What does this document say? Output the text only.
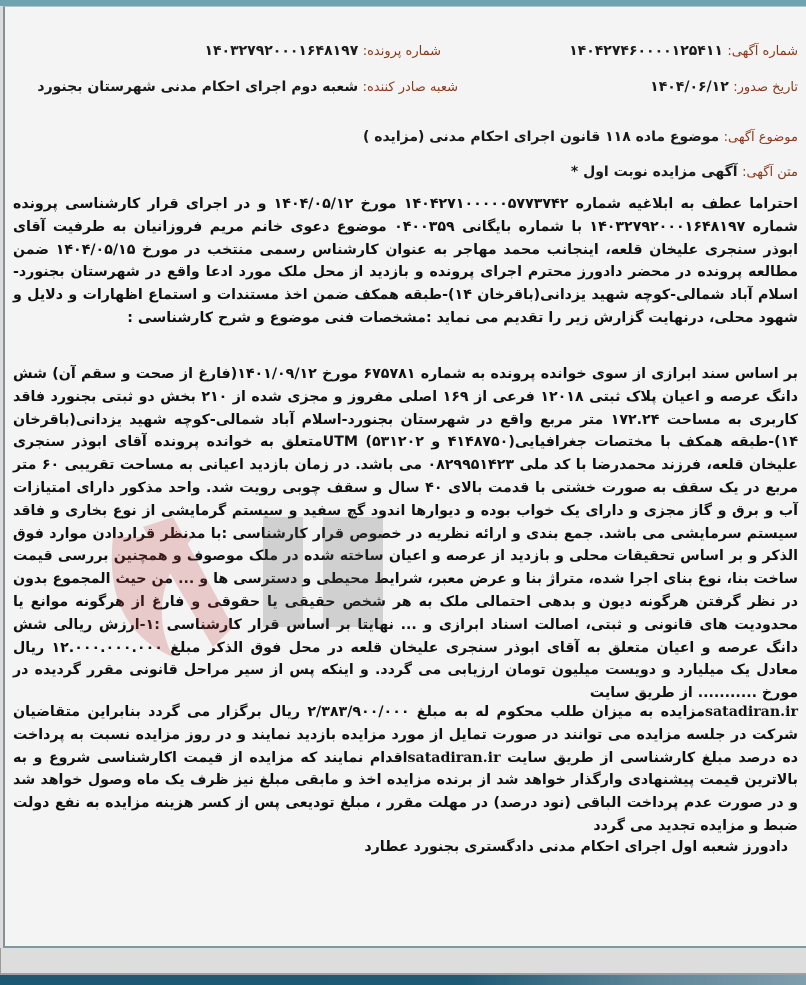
شماره آگهی: ۱۴۰۴۲۷۴۶۰۰۰۰۱۲۵۴۱۱
شماره پرونده: ۱۴۰۳۲۷۹۲۰۰۰۱۶۴۸۱۹۷
تاریخ صدور: ۱۴۰۴/۰۶/۱۲
شعبه صادر کننده: شعبه دوم اجرای احکام مدنی شهرستان بجنورد
موضوع آگهی: موضوع ماده ۱۱۸ قانون اجرای احکام مدنی (مزایده )
متن آگهی: آگهی مزایده نوبت اول *
احتراما عطف به ابلاغیه شماره ۱۴۰۴۲۷۱۰۰۰۰۰۵۷۷۳۷۴۲ مورخ ۱۴۰۴/۰۵/۱۲ و در اجرای قرار کارشناسی پرونده شماره ۱۴۰۳۲۷۹۲۰۰۰۱۶۴۸۱۹۷ با شماره بایگانی ۰۴۰۰۳۵۹ موضوع دعوی خانم مریم فروزانیان به طرفیت آقای ابوذر سنجری علیخان قلعه، اینجانب محمد مهاجر به عنوان کارشناس رسمی منتخب در مورخ ۱۴۰۴/۰۵/۱۵ ضمن مطالعه پرونده در محضر دادورز محترم اجرای پرونده و بازدید از محل ملک مورد ادعا واقع در شهرستان بجنورد-اسلام آباد شمالی-کوچه شهید یزدانی(باقرخان ۱۴)-طبقه همکف ضمن اخذ مستندات و استماع اظهارات و دلایل و شهود محلی، درنهایت گزارش زیر را تقدیم می نماید :مشخصات فنی موضوع و شرح کارشناسی :
بر اساس سند ابرازی از سوی خوانده پرونده به شماره ۶۷۵۷۸۱ مورخ ۱۴۰۱/۰۹/۱۲(فارغ از صحت و سقم آن) شش دانگ عرصه و اعیان پلاک ثبتی ۱۲۰۱۸ فرعی از ۱۶۹ اصلی مفروز و مجزی شده از ۲۱۰ بخش دو ثبتی بجنورد فاقد کاربری به مساحت ۱۷۲.۲۴ متر مربع واقع در شهرستان بجنورد-اسلام آباد شمالی-کوچه شهید یزدانی(باقرخان ۱۴)-طبقه همکف با مختصات جغرافیایی(۴۱۴۸۷۵۰ و ۵۳۱۲۰۲) UTMمتعلق به خوانده پرونده آقای ابوذر سنجری علیخان قلعه، فرزند محمدرضا با کد ملی ۰۸۲۹۹۵۱۴۲۳ می باشد. در زمان بازدید اعیانی به مساحت تقریبی ۶۰ متر مربع در یک سقف به صورت خشتی با قدمت بالای ۴۰ سال و سقف چوبی رویت شد. واحد مذکور دارای امتیازات آب و برق و گاز مجزی و دارای یک خواب بوده و دیوارها اندود گچ سفید و سیستم گرمایشی از نوع بخاری و فاقد سیستم سرمایشی می باشد. جمع بندی و ارائه نظریه در خصوص قرار کارشناسی :با مدنظر قراردادن موارد فوق الذکر و بر اساس تحقیقات محلی و بازدید از عرصه و اعیان ساخته شده در ملک موصوف و همچنین بررسی قیمت ساخت بنا، نوع بنای اجرا شده، متراژ بنا و عرض معبر، شرایط محیطی و دسترسی ها و ... من حیث المجموع بدون در نظر گرفتن هرگونه دیون و بدهی احتمالی ملک به هر شخص حقیقی یا حقوقی و فارغ از هرگونه موانع یا محدودیت های قانونی و ثبتی، اصالت اسناد ابرازی و ... نهایتا بر اساس قرار کارشناسی :۱-ارزش ریالی شش دانگ عرصه و اعیان متعلق به آقای ابوذر سنجری علیخان قلعه در محل فوق الذکر مبلغ ۱۲.۰۰۰.۰۰۰.۰۰۰ ریال معادل یک میلیارد و دویست میلیون تومان ارزیابی می گردد. و اینکه پس از سیر مراحل قانونی مقرر گردیده در مورخ ........... از طریق سایت
satadiran.irمزایده به میزان طلب محکوم له به مبلغ ۲/۳۸۳/۹۰۰/۰۰۰ ریال برگزار می گردد بنابراین متقاضیان شرکت در جلسه مزایده می توانند در صورت تمایل از مورد مزایده بازدید نمایند و در روز مزایده نسبت به پرداخت ده درصد مبلغ کارشناسی از طریق سایت satadiran.irاقدام نمایند که مزایده از قیمت اکارشناسی شروع و به بالاترین قیمت پیشنهادی وارگذار خواهد شد از برنده مزایده اخذ و مابقی مبلغ نیز ظرف یک ماه وصول خواهد شد و در صورت عدم پرداخت الباقی (نود درصد) در مهلت مقرر ، مبلغ تودیعی پس از کسر هزینه مزایده به نفع دولت ضبط و مزایده تجدید می گردد
دادورز شعبه اول اجرای احکام مدنی دادگستری بجنورد عطارد
